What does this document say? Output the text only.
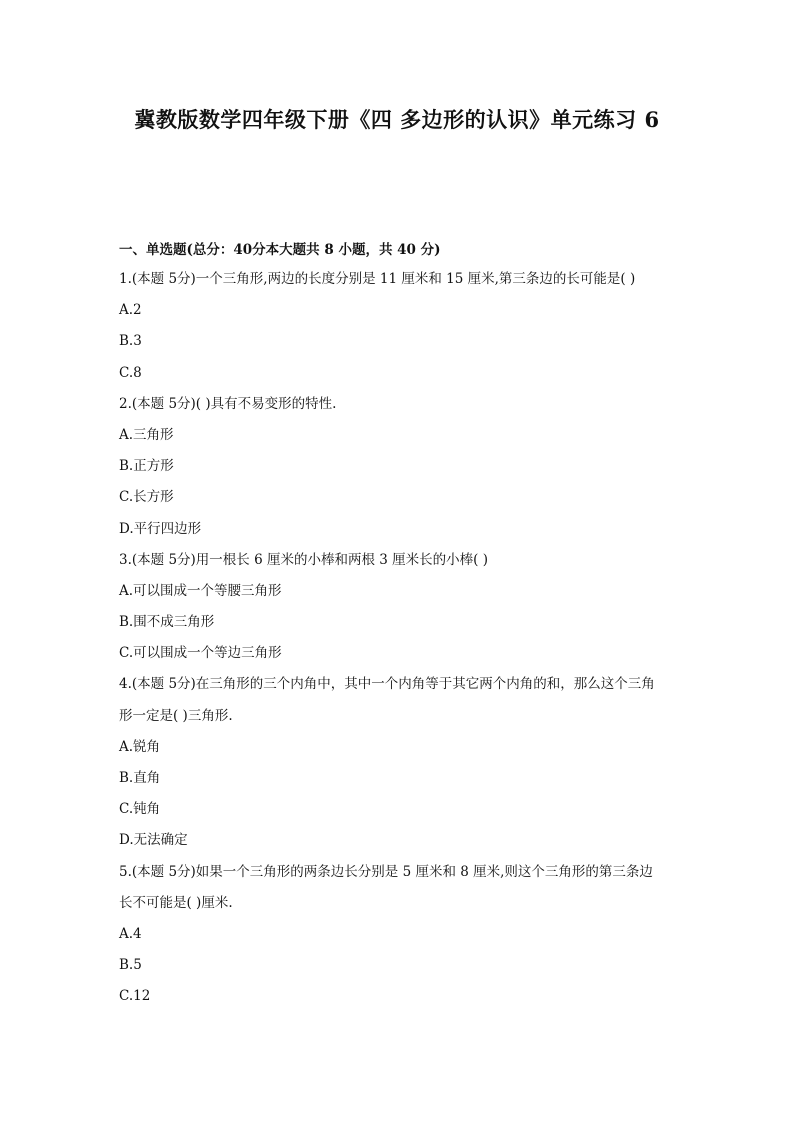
冀教版数学四年级下册《四 多边形的认识》单元练习 6
一、单选题(总分：40分本大题共 8 小题，共 40 分)
1.(本题 5分)一个三角形,两边的长度分别是 11 厘米和 15 厘米,第三条边的长可能是( )
A.2
B.3
C.8
2.(本题 5分)( )具有不易变形的特性.
A.三角形
B.正方形
C.长方形
D.平行四边形
3.(本题 5分)用一根长 6 厘米的小棒和两根 3 厘米长的小棒( )
A.可以围成一个等腰三角形
B.围不成三角形
C.可以围成一个等边三角形
4.(本题 5分)在三角形的三个内角中，其中一个内角等于其它两个内角的和，那么这个三角
形一定是( )三角形.
A.锐角
B.直角
C.钝角
D.无法确定
5.(本题 5分)如果一个三角形的两条边长分别是 5 厘米和 8 厘米,则这个三角形的第三条边
长不可能是( )厘米.
A.4
B.5
C.12
